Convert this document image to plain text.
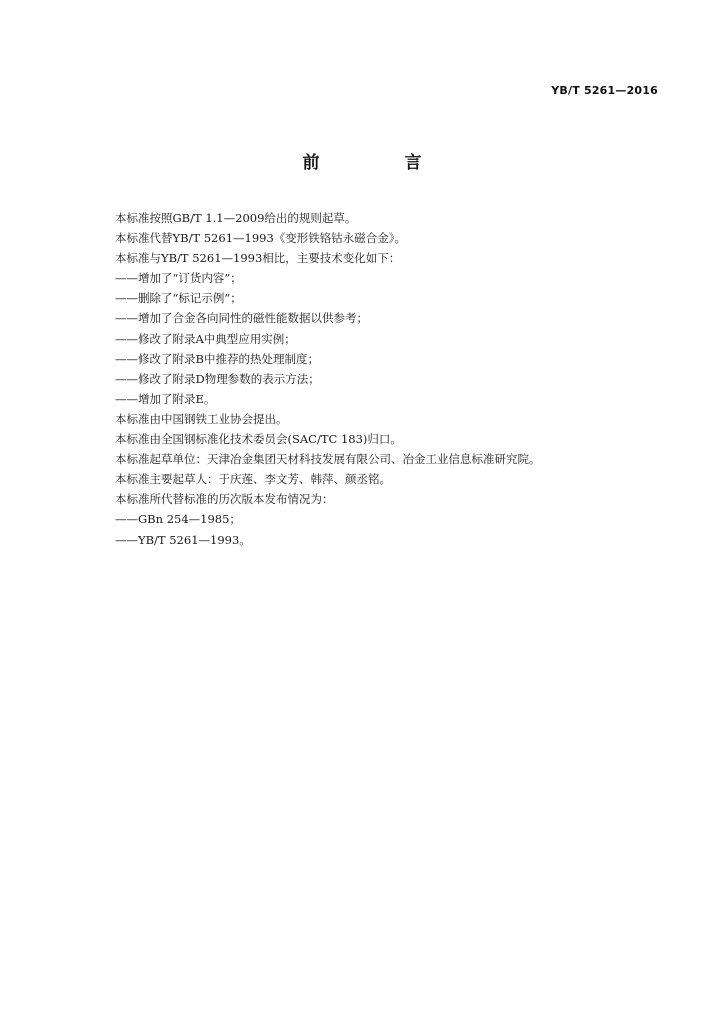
YB/T 5261—2016
前　言
本标准按照GB/T 1.1—2009给出的规则起草。
本标准代替YB/T 5261—1993《变形铁铬钴永磁合金》。
本标准与YB/T 5261—1993相比，主要技术变化如下：
——增加了“订货内容”；
——删除了“标记示例”；
——增加了合金各向同性的磁性能数据以供参考；
——修改了附录A中典型应用实例；
——修改了附录B中推荐的热处理制度；
——修改了附录D物理参数的表示方法；
——增加了附录E。
本标准由中国钢铁工业协会提出。
本标准由全国钢标准化技术委员会(SAC/TC 183)归口。
本标准起草单位：天津冶金集团天材科技发展有限公司、冶金工业信息标准研究院。
本标准主要起草人：于庆莲、李文芳、韩萍、颜丞铭。
本标准所代替标准的历次版本发布情况为：
——GBn 254—1985；
——YB/T 5261—1993。
